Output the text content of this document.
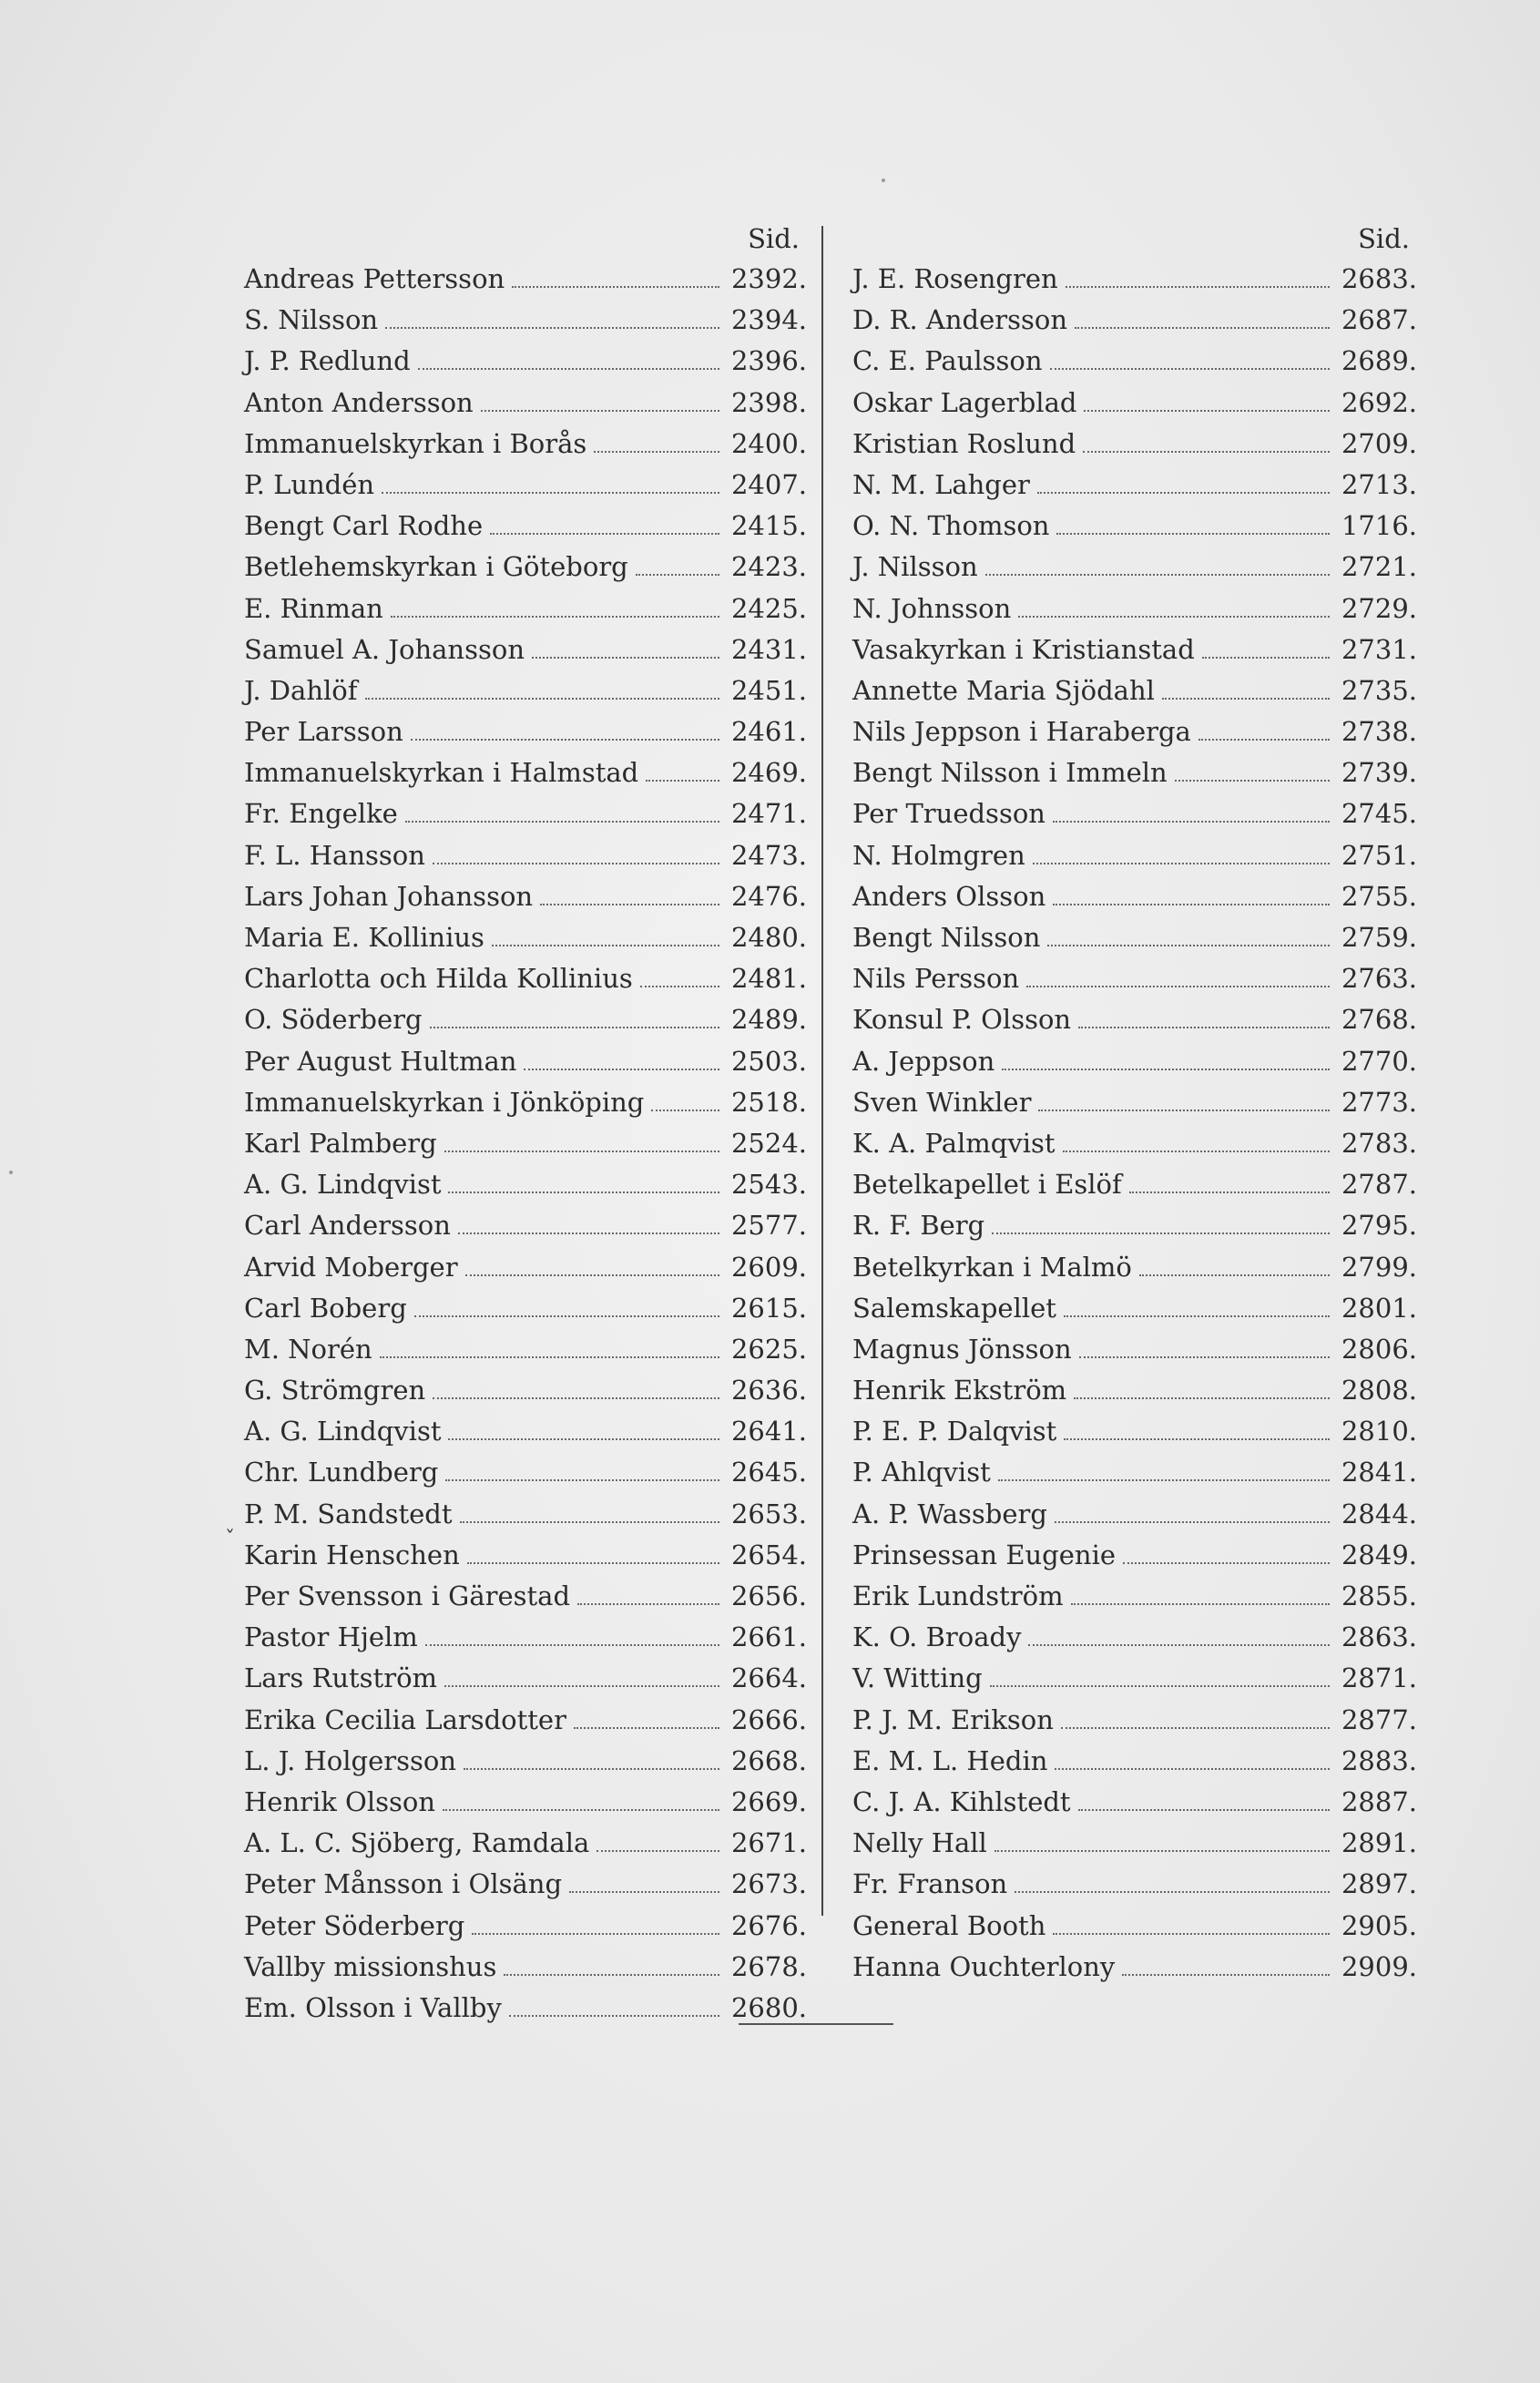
Sid.
Andreas Pettersson	2392.
S. Nilsson	2394.
J. P. Redlund	2396.
Anton Andersson	2398.
Immanuelskyrkan i Borås	2400.
P. Lundén	2407.
Bengt Carl Rodhe	2415.
Betlehemskyrkan i Göteborg	2423.
E. Rinman	2425.
Samuel A. Johansson	2431.
J. Dahlöf	2451.
Per Larsson	2461.
Immanuelskyrkan i Halmstad	2469.
Fr. Engelke	2471.
F. L. Hansson	2473.
Lars Johan Johansson	2476.
Maria E. Kollinius	2480.
Charlotta och Hilda Kollinius	2481.
O. Söderberg	2489.
Per August Hultman	2503.
Immanuelskyrkan i Jönköping	2518.
Karl Palmberg	2524.
A. G. Lindqvist	2543.
Carl Andersson	2577.
Arvid Moberger	2609.
Carl Boberg	2615.
M. Norén	2625.
G. Strömgren	2636.
A. G. Lindqvist	2641.
Chr. Lundberg	2645.
P. M. Sandstedt	2653.
Karin Henschen	2654.
Per Svensson i Gärestad	2656.
Pastor Hjelm	2661.
Lars Rutström	2664.
Erika Cecilia Larsdotter	2666.
L. J. Holgersson	2668.
Henrik Olsson	2669.
A. L. C. Sjöberg, Ramdala	2671.
Peter Månsson i Olsäng	2673.
Peter Söderberg	2676.
Vallby missionshus	2678.
Em. Olsson i Vallby	2680.
Sid.
J. E. Rosengren	2683.
D. R. Andersson	2687.
C. E. Paulsson	2689.
Oskar Lagerblad	2692.
Kristian Roslund	2709.
N. M. Lahger	2713.
O. N. Thomson	1716.
J. Nilsson	2721.
N. Johnsson	2729.
Vasakyrkan i Kristianstad	2731.
Annette Maria Sjödahl	2735.
Nils Jeppson i Haraberga	2738.
Bengt Nilsson i Immeln	2739.
Per Truedsson	2745.
N. Holmgren	2751.
Anders Olsson	2755.
Bengt Nilsson	2759.
Nils Persson	2763.
Konsul P. Olsson	2768.
A. Jeppson	2770.
Sven Winkler	2773.
K. A. Palmqvist	2783.
Betelkapellet i Eslöf	2787.
R. F. Berg	2795.
Betelkyrkan i Malmö	2799.
Salemskapellet	2801.
Magnus Jönsson	2806.
Henrik Ekström	2808.
P. E. P. Dalqvist	2810.
P. Ahlqvist	2841.
A. P. Wassberg	2844.
Prinsessan Eugenie	2849.
Erik Lundström	2855.
K. O. Broady	2863.
V. Witting	2871.
P. J. M. Erikson	2877.
E. M. L. Hedin	2883.
C. J. A. Kihlstedt	2887.
Nelly Hall	2891.
Fr. Franson	2897.
General Booth	2905.
Hanna Ouchterlony	2909.
˯
